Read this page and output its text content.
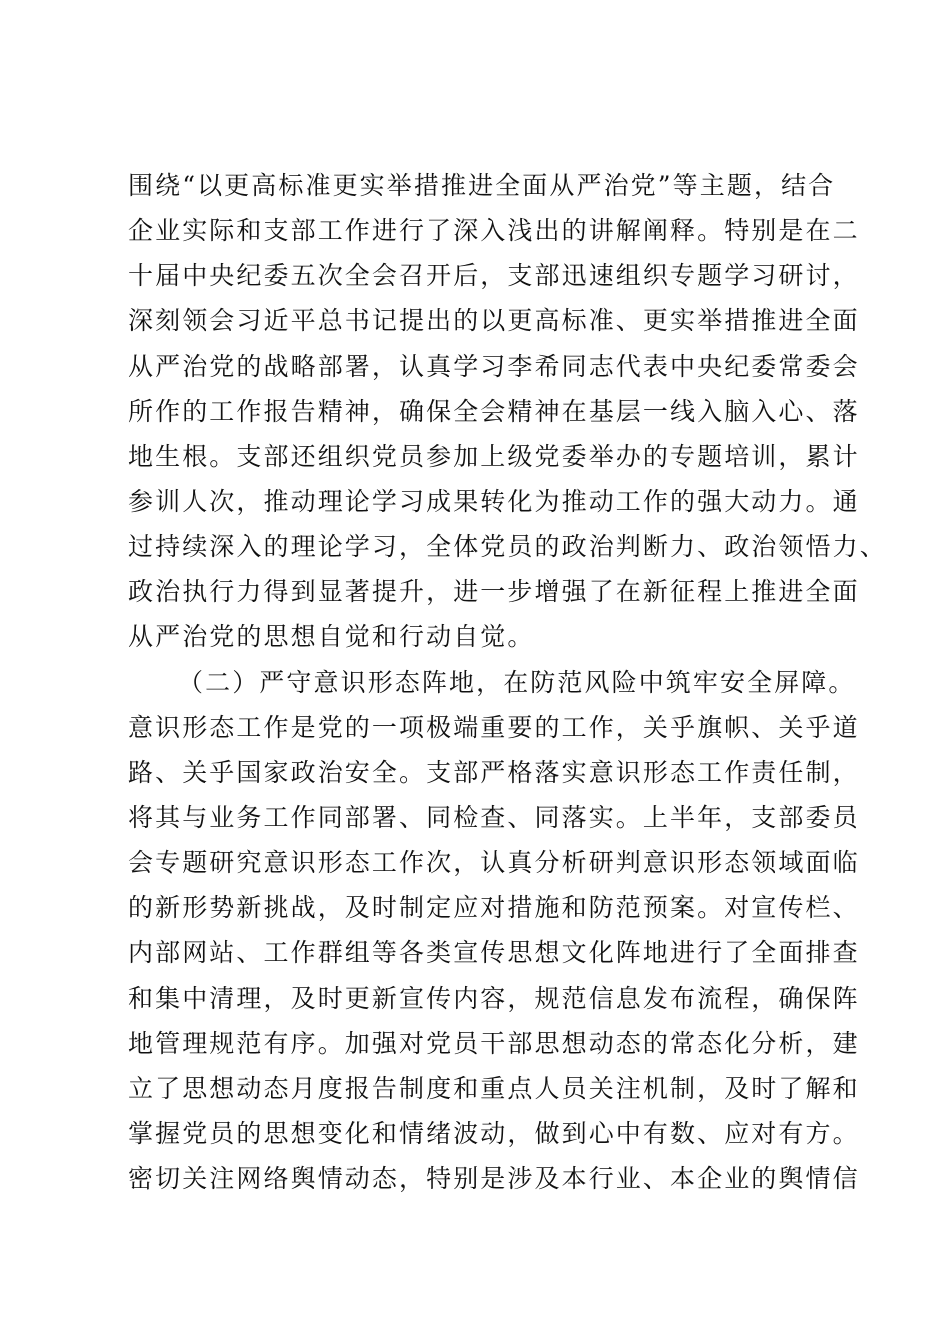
围绕“以更高标准更实举措推进全面从严治党”等主题，结合
企业实际和支部工作进行了深入浅出的讲解阐释。特别是在二
十届中央纪委五次全会召开后，支部迅速组织专题学习研讨，
深刻领会习近平总书记提出的以更高标准、更实举措推进全面
从严治党的战略部署，认真学习李希同志代表中央纪委常委会
所作的工作报告精神，确保全会精神在基层一线入脑入心、落
地生根。支部还组织党员参加上级党委举办的专题培训，累计
参训人次，推动理论学习成果转化为推动工作的强大动力。通
过持续深入的理论学习，全体党员的政治判断力、政治领悟力、
政治执行力得到显著提升，进一步增强了在新征程上推进全面
从严治党的思想自觉和行动自觉。
（二）严守意识形态阵地，在防范风险中筑牢安全屏障。
意识形态工作是党的一项极端重要的工作，关乎旗帜、关乎道
路、关乎国家政治安全。支部严格落实意识形态工作责任制，
将其与业务工作同部署、同检查、同落实。上半年，支部委员
会专题研究意识形态工作次，认真分析研判意识形态领域面临
的新形势新挑战，及时制定应对措施和防范预案。对宣传栏、
内部网站、工作群组等各类宣传思想文化阵地进行了全面排查
和集中清理，及时更新宣传内容，规范信息发布流程，确保阵
地管理规范有序。加强对党员干部思想动态的常态化分析，建
立了思想动态月度报告制度和重点人员关注机制，及时了解和
掌握党员的思想变化和情绪波动，做到心中有数、应对有方。
密切关注网络舆情动态，特别是涉及本行业、本企业的舆情信
